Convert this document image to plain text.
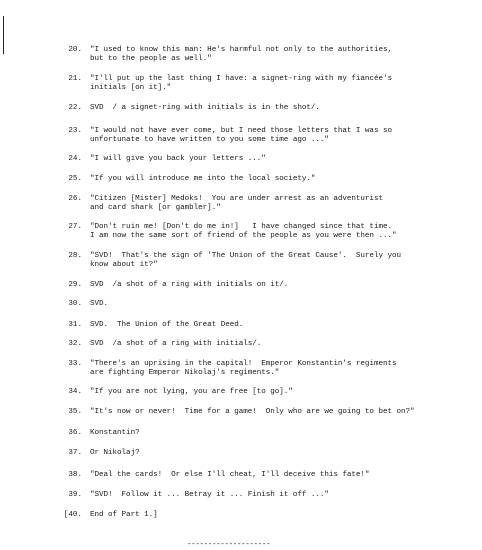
20. "I used to know this man: He's harmful not only to the authorities,
but to the people as well."
21. "I'll put up the last thing I have: a signet-ring with my fiancée's
initials [on it]."
22. SVD  / a signet-ring with initials is in the shot/.
23. "I would not have ever come, but I need those letters that I was so
unfortunate to have written to you some time ago ..."
24. "I will give you back your letters ..."
25. "If you will introduce me into the local society."
26. "Citizen [Mister] Medoks!  You are under arrest as an adventurist
and card shark [or gambler]."
27. "Don't ruin me! [Don't do me in!]   I have changed since that time.
I am now the same sort of friend of the people as you were then ..."
28. "SVD!  That's the sign of 'The Union of the Great Cause'.  Surely you
know about it?"
29. SVD  /a shot of a ring with initials on it/.
30. SVD.
31. SVD.  The Union of the Great Deed.
32. SVD  /a shot of a ring with initials/.
33. "There's an uprising in the capital!  Emperor Konstantin's regiments
are fighting Emperor Nikolaj's regiments."
34. "If you are not lying, you are free [to go]."
35. "It's now or never!  Time for a game!  Only who are we going to bet on?"
36. Konstantin?
37. Or Nikolaj?
38. "Deal the cards!  Or else I'll cheat, I'll deceive this fate!"
39. "SVD!  Follow it ... Betray it ... Finish it off ..."
[40. End of Part 1.]
--------------------
